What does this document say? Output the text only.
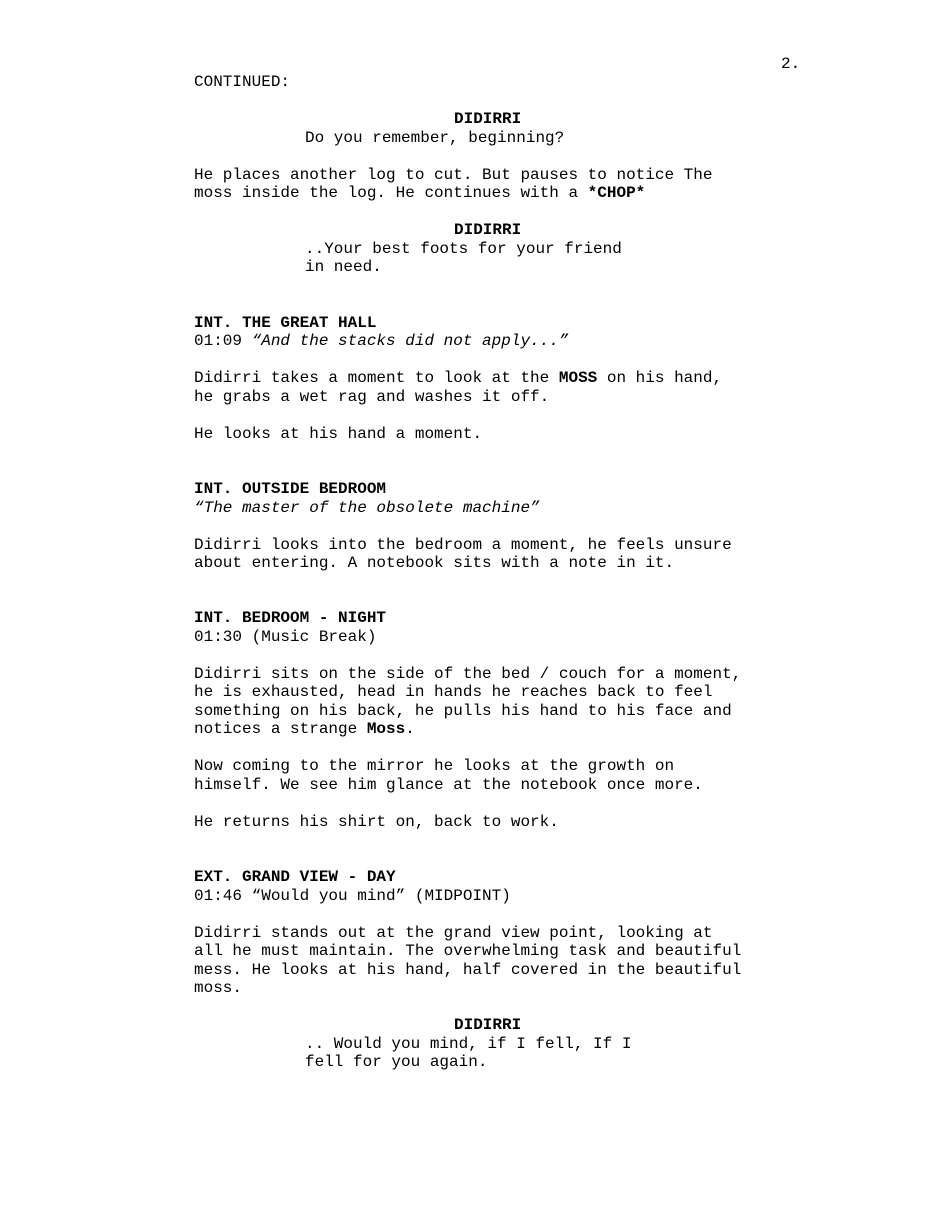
2.
CONTINUED:
DIDIRRI
Do you remember, beginning?
He places another log to cut. But pauses to notice The
moss inside the log. He continues with a *CHOP*
DIDIRRI
..Your best foots for your friend
in need.
INT. THE GREAT HALL
01:09 “And the stacks did not apply...”
Didirri takes a moment to look at the MOSS on his hand,
he grabs a wet rag and washes it off.
He looks at his hand a moment.
INT. OUTSIDE BEDROOM
“The master of the obsolete machine”
Didirri looks into the bedroom a moment, he feels unsure
about entering. A notebook sits with a note in it.
INT. BEDROOM - NIGHT
01:30 (Music Break)
Didirri sits on the side of the bed / couch for a moment,
he is exhausted, head in hands he reaches back to feel
something on his back, he pulls his hand to his face and
notices a strange Moss.
Now coming to the mirror he looks at the growth on
himself. We see him glance at the notebook once more.
He returns his shirt on, back to work.
EXT. GRAND VIEW - DAY
01:46 “Would you mind” (MIDPOINT)
Didirri stands out at the grand view point, looking at
all he must maintain. The overwhelming task and beautiful
mess. He looks at his hand, half covered in the beautiful
moss.
DIDIRRI
.. Would you mind, if I fell, If I
fell for you again.
